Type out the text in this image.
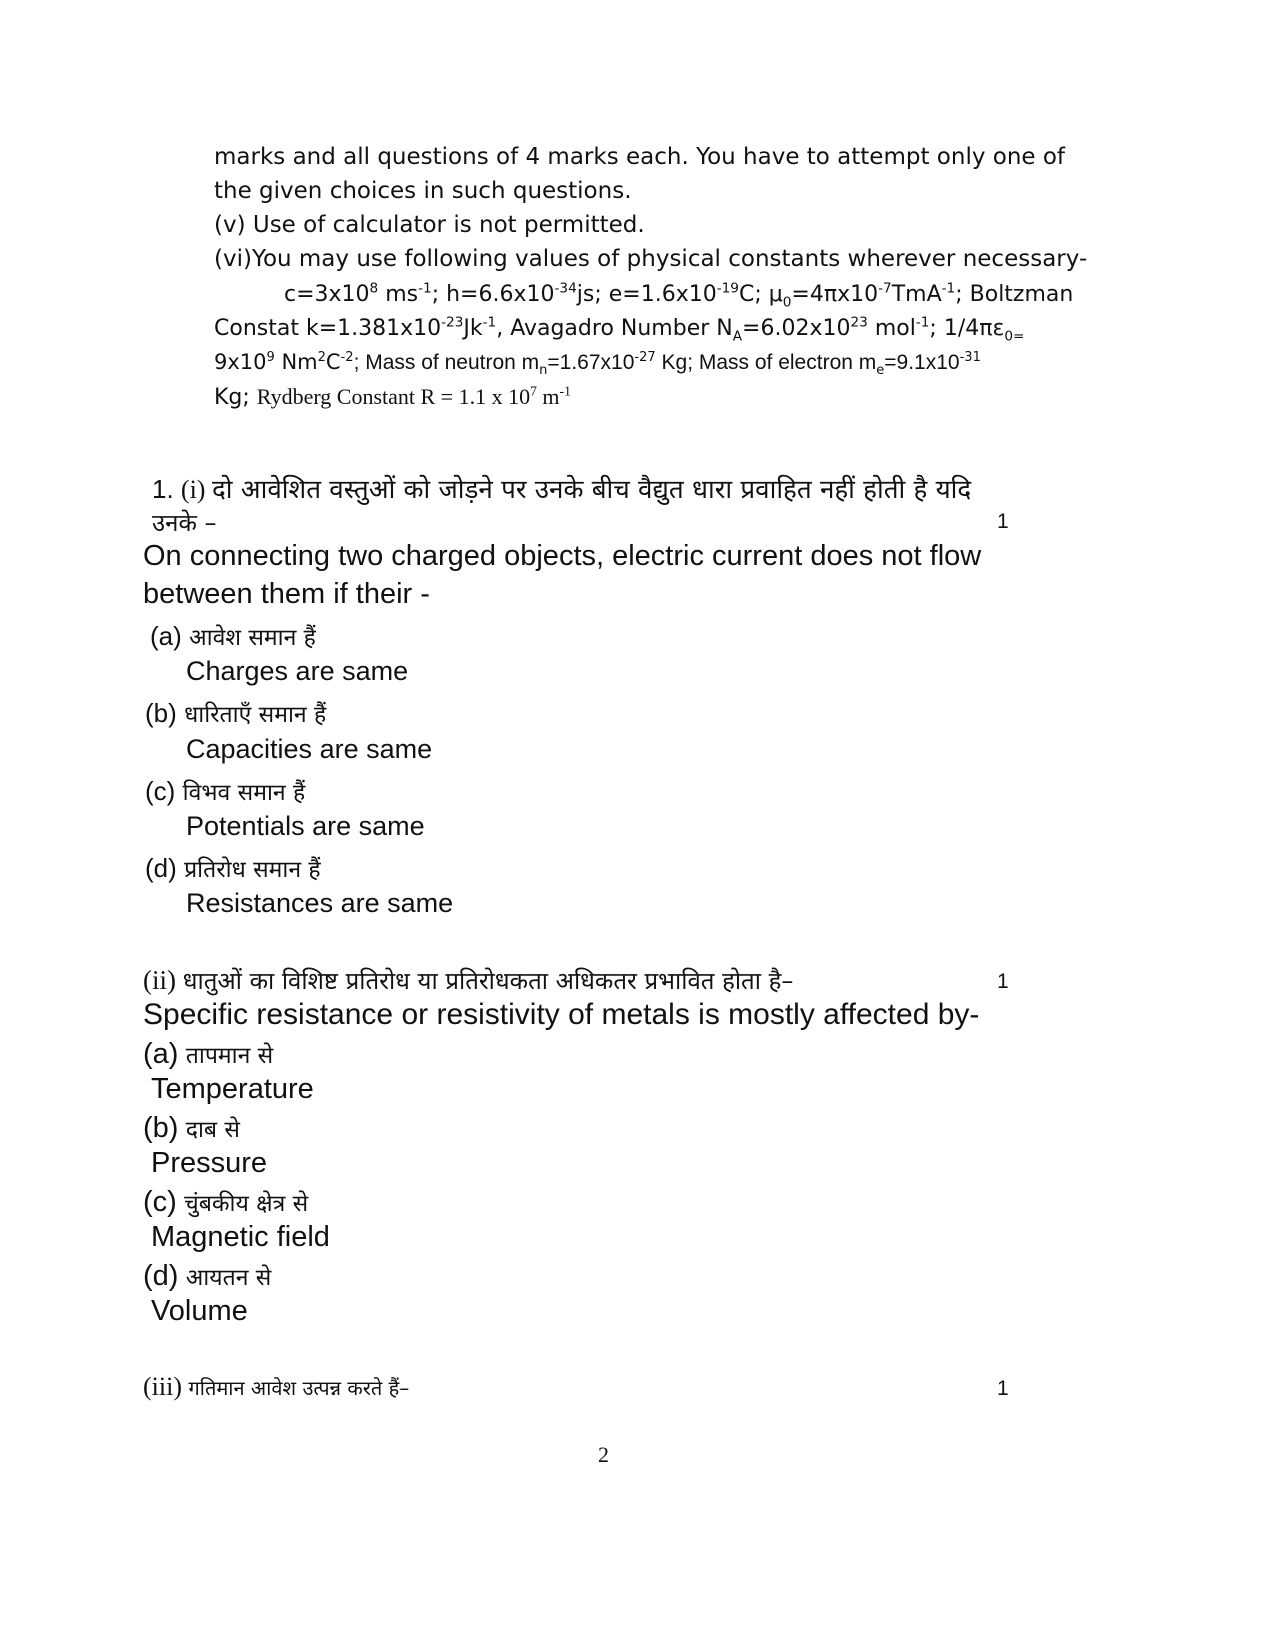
marks and all questions of 4 marks each. You have to attempt only one of
the given choices in such questions.
(v) Use of calculator is not permitted.
(vi)You may use following values of physical constants wherever necessary-
$c=3x10^8$ $ms^{-1}$; $h=6.6x10^{-34}js$; $e=1.6x10^{-19}C$; $\mu_0=4\pi x10^{-7}TmA^{-1}$; Boltzman
Constat $k=1.381x10^{-23}Jk^{-1}$, Avagadro Number $N_A=6.02x10^{23}$ mol$^{-1}$; $1/4\pi\varepsilon_{0=}$
$9x10^9$ $Nm^2C^{-2}$; Mass of neutron $m_n=1.67x10^{-27}$ Kg; Mass of electron $m_e=9.1x10^{-31}$
Kg; Rydberg Constant R = 1.1 x $10^7$ $m^{-1}$
1. (i) दो आवेशित वस्तुओं को जोड़ने पर उनके बीच वैद्युत धारा प्रवाहित नहीं होती है यदि
उनके –	1
On connecting two charged objects, electric current does not flow
between them if their -
(a) आवेश समान हैं
Charges are same
(b) धारिताएँ समान हैं
Capacities are same
(c) विभव समान हैं
Potentials are same
(d) प्रतिरोध समान हैं
Resistances are same
(ii) धातुओं का विशिष्ट प्रतिरोध या प्रतिरोधकता अधिकतर प्रभावित होता है–	1
Specific resistance or resistivity of metals is mostly affected by-
(a) तापमान से
Temperature
(b) दाब से
Pressure
(c) चुंबकीय क्षेत्र से
Magnetic field
(d) आयतन से
Volume
(iii) गतिमान आवेश उत्पन्न करते हैं–	1
2
